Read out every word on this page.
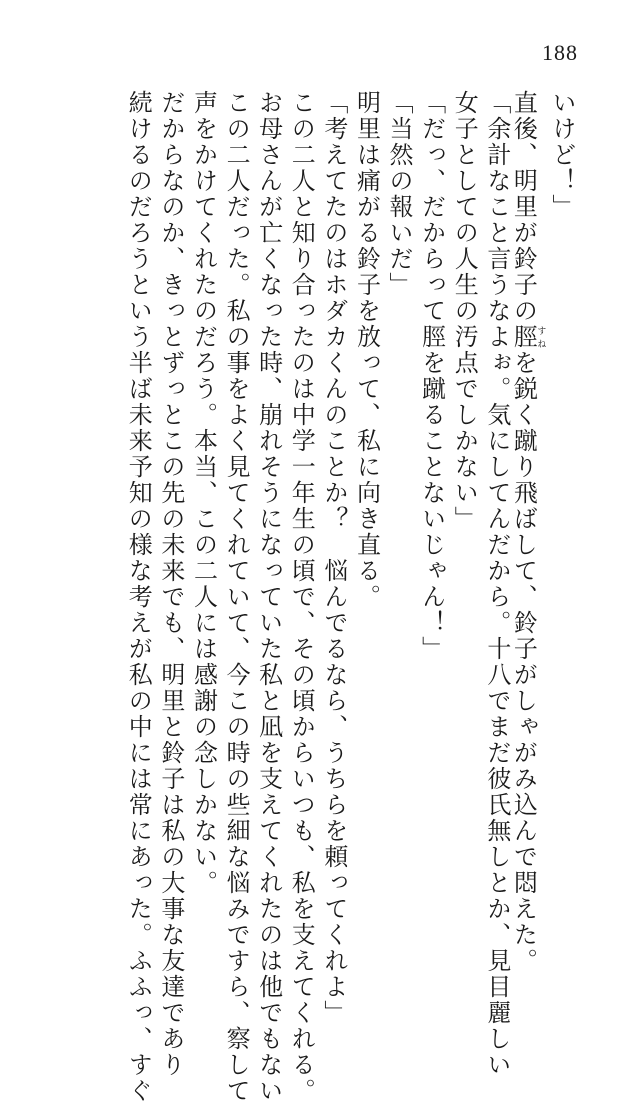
188
いけど！」
直後、明里が鈴子の脛すねを鋭く蹴り飛ばして、鈴子がしゃがみ込んで悶えた。
「余計なこと言うなよぉ。気にしてんだから。十八でまだ彼氏無しとか、見目麗しい
女子としての人生の汚点でしかない」
「だっ、だからって脛を蹴ることないじゃん！」
「当然の報いだ」
明里は痛がる鈴子を放って、私に向き直る。
「考えてたのはホダカくんのことか？　悩んでるなら、うちらを頼ってくれよ」
この二人と知り合ったのは中学一年生の頃で、その頃からいつも、私を支えてくれる。
お母さんが亡くなった時、崩れそうになっていた私と凪を支えてくれたのは他でもない
この二人だった。私の事をよく見てくれていて、今この時の些細な悩みですら、察して
声をかけてくれたのだろう。本当、この二人には感謝の念しかない。
だからなのか、きっとずっとこの先の未来でも、明里と鈴子は私の大事な友達であり
続けるのだろうという半ば未来予知の様な考えが私の中には常にあった。ふふっ、すぐ
